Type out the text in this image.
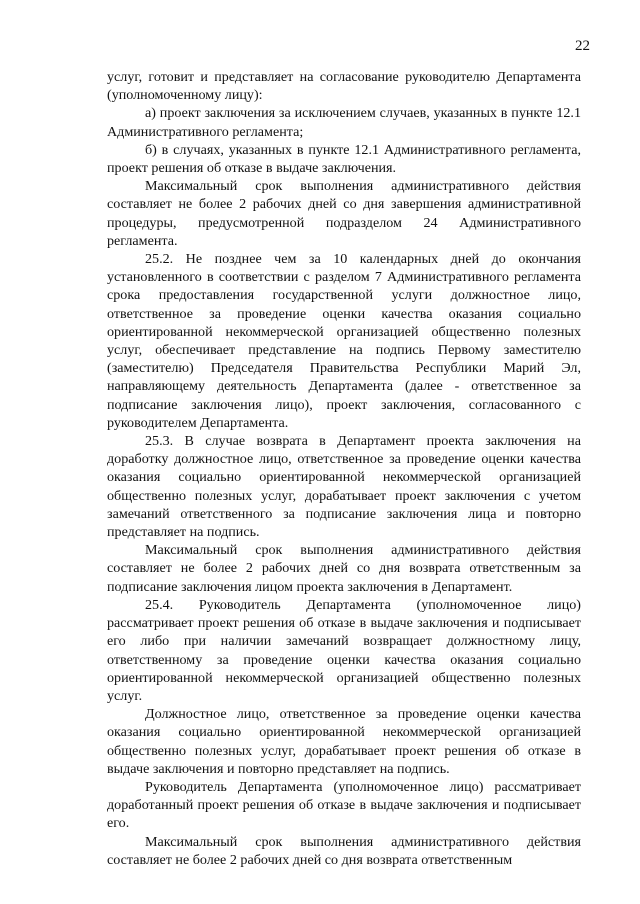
22

услуг, готовит и представляет на согласование руководителю Департамента (уполномоченному лицу):

а) проект заключения за исключением случаев, указанных в пункте 12.1 Административного регламента;

б) в случаях, указанных в пункте 12.1 Административного регламента, проект решения об отказе в выдаче заключения.

Максимальный срок выполнения административного действия составляет не более 2 рабочих дней со дня завершения административной процедуры, предусмотренной подразделом 24 Административного регламента.

25.2. Не позднее чем за 10 календарных дней до окончания установленного в соответствии с разделом 7 Административного регламента срока предоставления государственной услуги должностное лицо, ответственное за проведение оценки качества оказания социально ориентированной некоммерческой организацией общественно полезных услуг, обеспечивает представление на подпись Первому заместителю (заместителю) Председателя Правительства Республики Марий Эл, направляющему деятельность Департамента (далее - ответственное за подписание заключения лицо), проект заключения, согласованного с руководителем Департамента.

25.3. В случае возврата в Департамент проекта заключения на доработку должностное лицо, ответственное за проведение оценки качества оказания социально ориентированной некоммерческой организацией общественно полезных услуг, дорабатывает проект заключения с учетом замечаний ответственного за подписание заключения лица и повторно представляет на подпись.

Максимальный срок выполнения административного действия составляет не более 2 рабочих дней со дня возврата ответственным за подписание заключения лицом проекта заключения в Департамент.

25.4. Руководитель Департамента (уполномоченное лицо) рассматривает проект решения об отказе в выдаче заключения и подписывает его либо при наличии замечаний возвращает должностному лицу, ответственному за проведение оценки качества оказания социально ориентированной некоммерческой организацией общественно полезных услуг.

Должностное лицо, ответственное за проведение оценки качества оказания социально ориентированной некоммерческой организацией общественно полезных услуг, дорабатывает проект решения об отказе в выдаче заключения и повторно представляет на подпись.

Руководитель Департамента (уполномоченное лицо) рассматривает доработанный проект решения об отказе в выдаче заключения и подписывает его.

Максимальный срок выполнения административного действия составляет не более 2 рабочих дней со дня возврата ответственным
